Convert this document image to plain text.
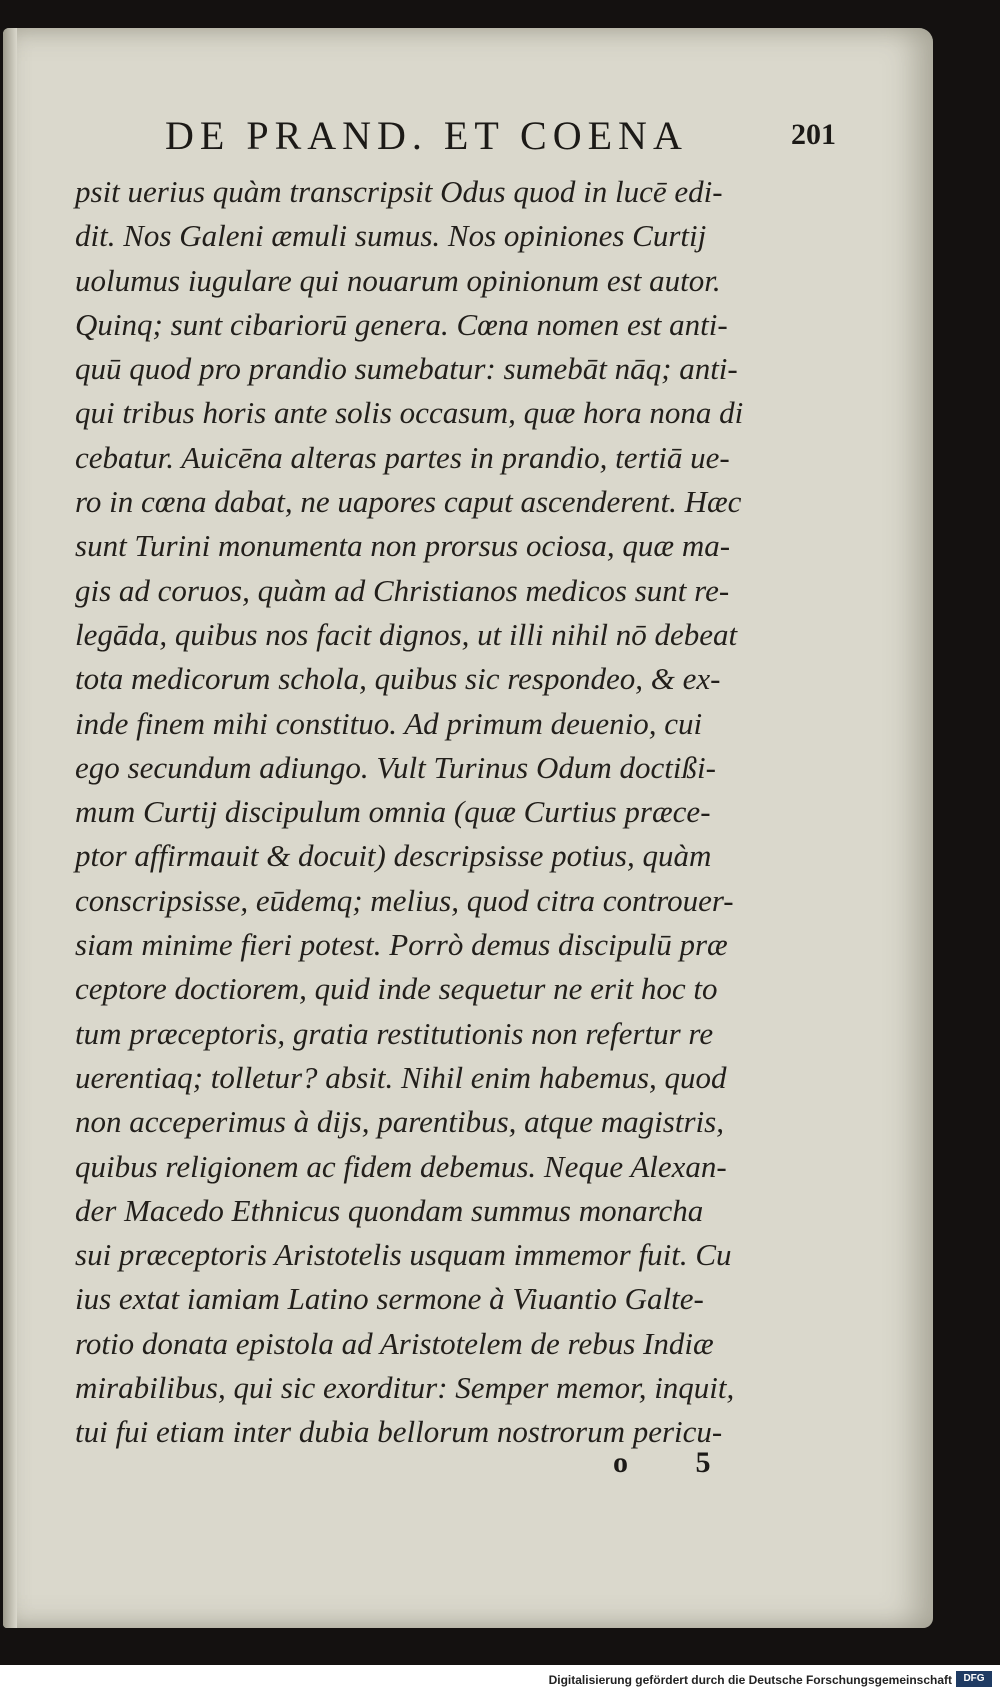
DE PRAND. ET COENA	201
psit uerius quàm transcripsit Odus quod in lucē edi-
dit. Nos Galeni æmuli sumus. Nos opiniones Curtij
uolumus iugulare qui nouarum opinionum est autor.
Quinq; sunt cibariorū genera. Cœna nomen est anti-
quū quod pro prandio sumebatur: sumebāt nāq; anti-
qui tribus horis ante solis occasum, quæ hora nona di
cebatur. Auicēna alteras partes in prandio, tertiā ue-
ro in cœna dabat, ne uapores caput ascenderent. Hæc
sunt Turini monumenta non prorsus ociosa, quæ ma-
gis ad coruos, quàm ad Christianos medicos sunt re-
legāda, quibus nos facit dignos, ut illi nihil nō debeat
tota medicorum schola, quibus sic respondeo, & ex-
inde finem mihi constituo. Ad primum deuenio, cui
ego secundum adiungo. Vult Turinus Odum doctißi-
mum Curtij discipulum omnia (quæ Curtius præce-
ptor affirmauit & docuit) descripsisse potius, quàm
conscripsisse, eūdemq; melius, quod citra controuer-
siam minime fieri potest. Porrò demus discipulū præ
ceptore doctiorem, quid inde sequetur ne erit hoc to
tum præceptoris, gratia restitutionis non refertur re
uerentiaq; tolletur? absit. Nihil enim habemus, quod
non acceperimus à dijs, parentibus, atque magistris,
quibus religionem ac fidem debemus. Neque Alexan-
der Macedo Ethnicus quondam summus monarcha
sui præceptoris Aristotelis usquam immemor fuit. Cu
ius extat iamiam Latino sermone à Viuantio Galte-
rotio donata epistola ad Aristotelem de rebus Indiæ
mirabilibus, qui sic exorditur: Semper memor, inquit,
tui fui etiam inter dubia bellorum nostrorum pericu-
o 5
Digitalisierung gefördert durch die Deutsche Forschungsgemeinschaft	DFG
